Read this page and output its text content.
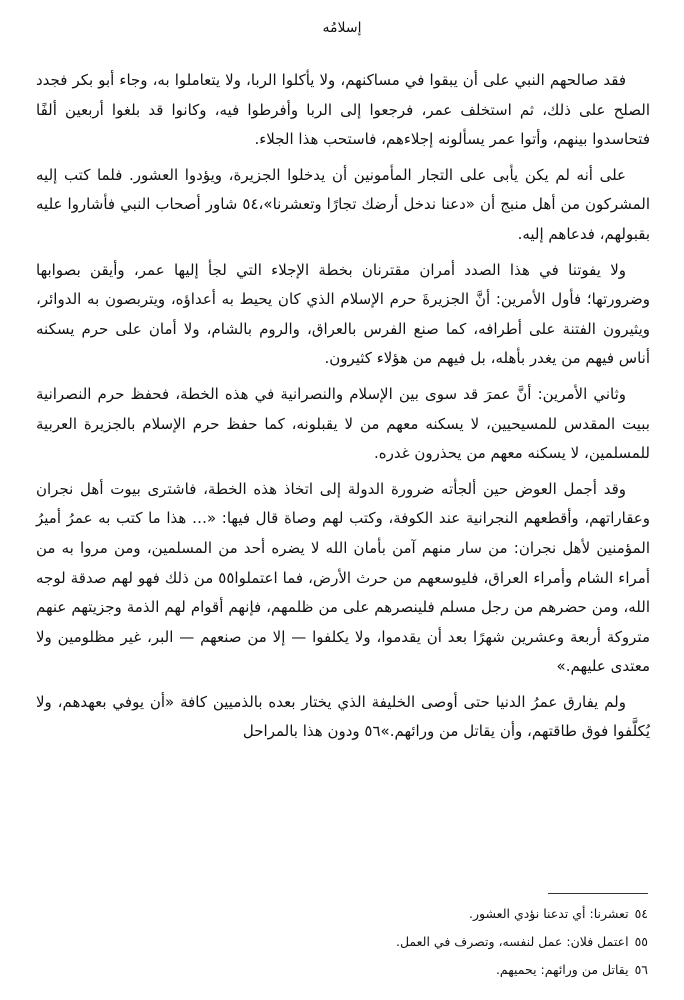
إسلامُه

فقد صالحهم النبي على أن يبقوا في مساكنهم، ولا يأكلوا الربا، ولا يتعاملوا به، وجاء أبو بكر فجدد الصلح على ذلك، ثم استخلف عمر، فرجعوا إلى الربا وأفرطوا فيه، وكانوا قد بلغوا أربعين ألفًا فتحاسدوا بينهم، وأتوا عمر يسألونه إجلاءهم، فاستحب هذا الجلاء.

على أنه لم يكن يأبى على التجار المأمونين أن يدخلوا الجزيرة، ويؤدوا العشور. فلما كتب إليه المشركون من أهل منبج أن «دعنا ندخل أرضك تجارًا وتعشرنا»،٥٤ شاور أصحاب النبي فأشاروا عليه بقبولهم، فدعاهم إليه.

ولا يفوتنا في هذا الصدد أمران مقترنان بخطة الإجلاء التي لجأ إليها عمر، وأيقن بصوابها وضرورتها؛ فأول الأمرين: أنَّ الجزيرةَ حرم الإسلام الذي كان يحيط به أعداؤه، ويتربصون به الدوائر، ويثيرون الفتنة على أطرافه، كما صنع الفرس بالعراق، والروم بالشام، ولا أمان على حرم يسكنه أناس فيهم من يغدر بأهله، بل فيهم من هؤلاء كثيرون.

وثاني الأمرين: أنَّ عمرَ قد سوى بين الإسلام والنصرانية في هذه الخطة، فحفظ حرم النصرانية ببيت المقدس للمسيحيين، لا يسكنه معهم من لا يقبلونه، كما حفظ حرم الإسلام بالجزيرة العربية للمسلمين، لا يسكنه معهم من يحذرون غدره.

وقد أجمل العوض حين ألجأته ضرورة الدولة إلى اتخاذ هذه الخطة، فاشترى بيوت أهل نجران وعقاراتهم، وأقطعهم النجرانية عند الكوفة، وكتب لهم وصاة قال فيها: «… هذا ما كتب به عمرُ أميرُ المؤمنين لأهل نجران: من سار منهم آمن بأمان الله لا يضره أحد من المسلمين، ومن مروا به من أمراء الشام وأمراء العراق، فليوسعهم من حرث الأرض، فما اعتملوا٥٥ من ذلك فهو لهم صدقة لوجه الله، ومن حضرهم من رجل مسلم فلينصرهم على من ظلمهم، فإنهم أقوام لهم الذمة وجزيتهم عنهم متروكة أربعة وعشرين شهرًا بعد أن يقدموا، ولا يكلفوا — إلا من صنعهم — البر، غير مظلومين ولا معتدى عليهم.»

ولم يفارق عمرُ الدنيا حتى أوصى الخليفة الذي يختار بعده بالذميين كافة «أن يوفي بعهدهم، ولا يُكلَّفوا فوق طاقتهم، وأن يقاتل من ورائهم.»٥٦ ودون هذا بالمراحل

٥٤تعشرنا: أي تدعنا نؤدي العشور.

٥٥اعتمل فلان: عمل لنفسه، وتصرف في العمل.

٥٦يقاتل من ورائهم: يحميهم.
